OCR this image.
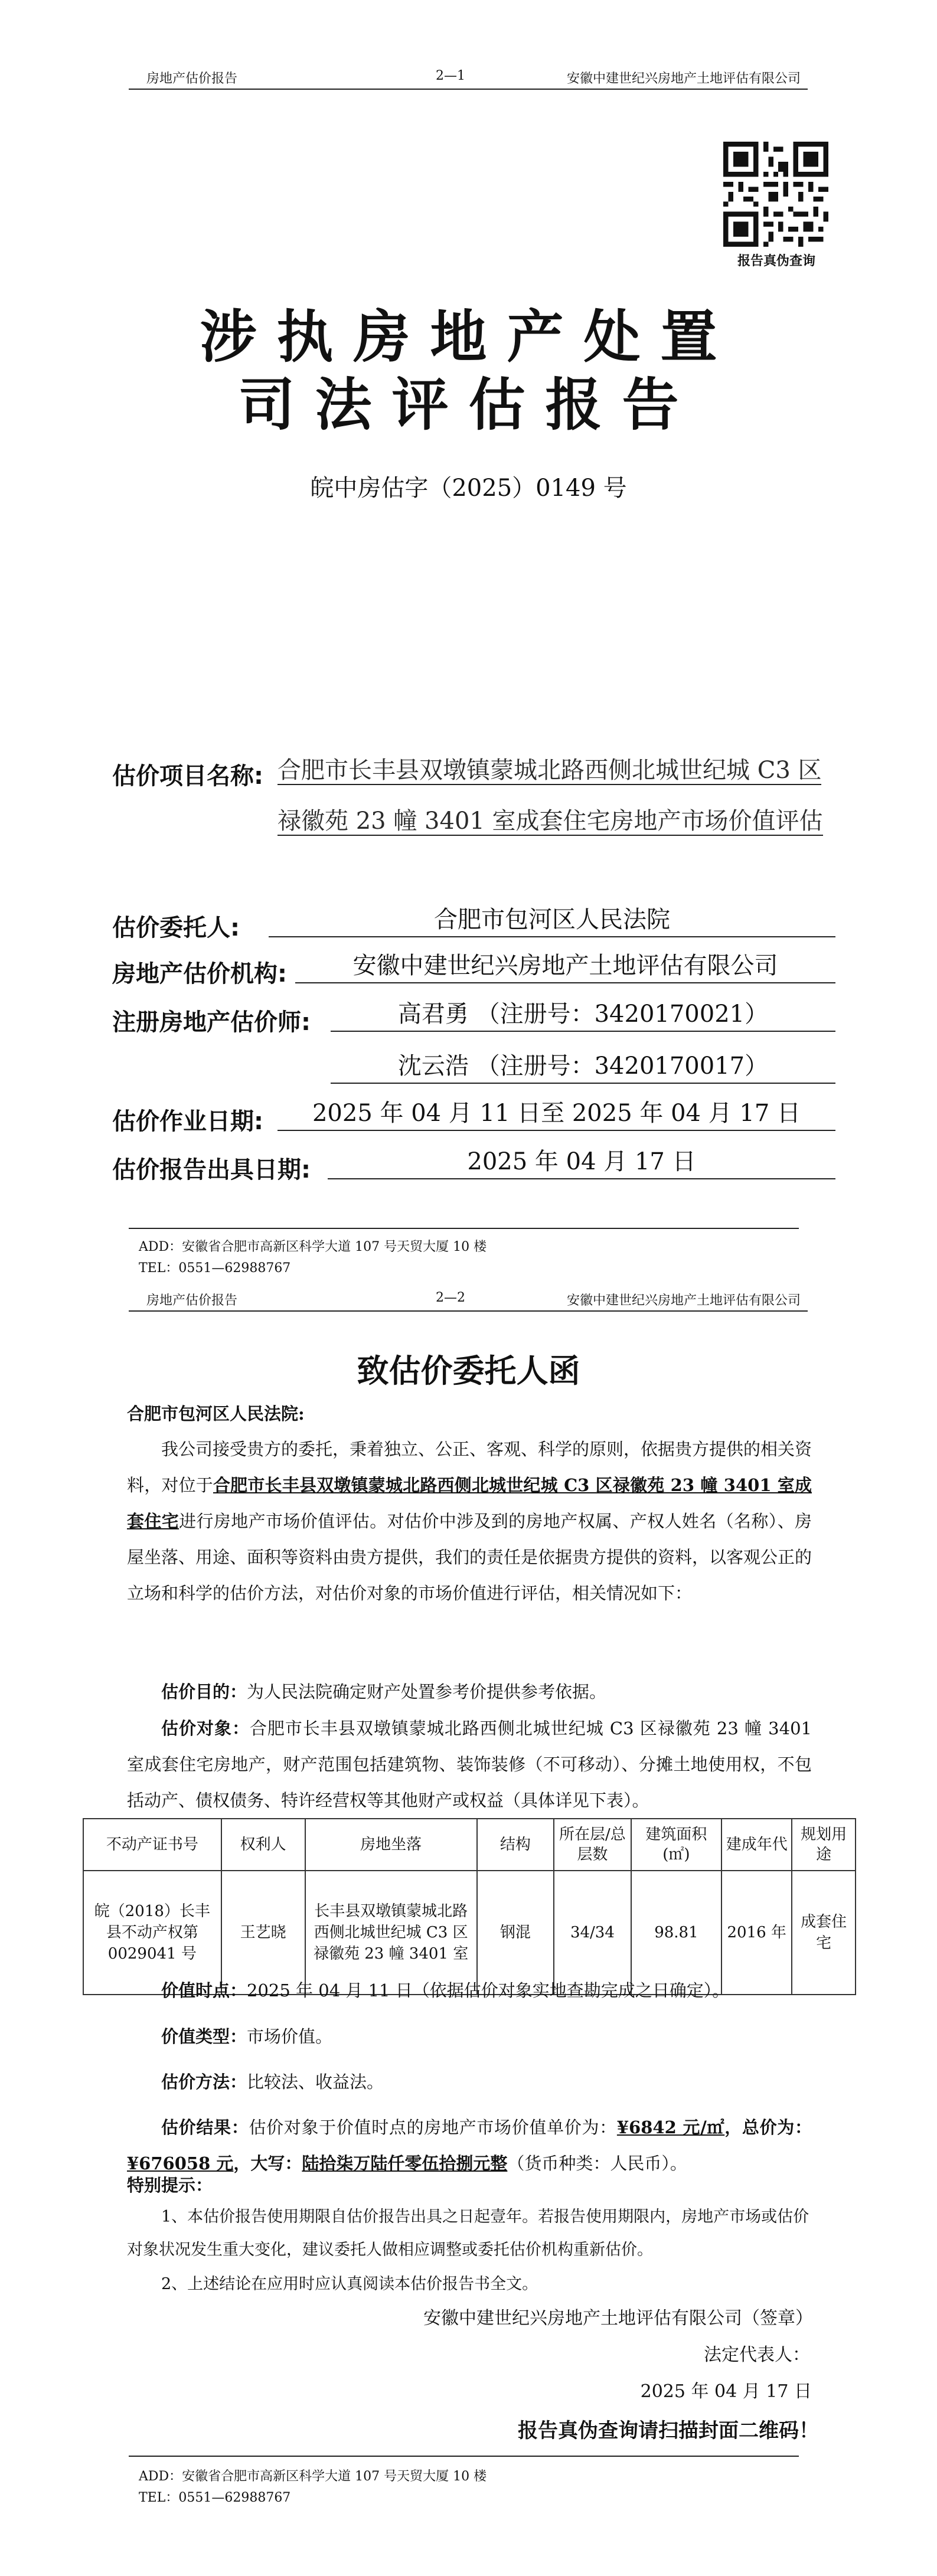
房地产估价报告	2—1	安徽中建世纪兴房地产土地评估有限公司
报告真伪查询
涉执房地产处置
司法评估报告
皖中房估字（2025）0149 号
估价项目名称: 合肥市长丰县双墩镇蒙城北路西侧北城世纪城 C3 区禄徽苑 23 幢 3401 室成套住宅房地产市场价值评估
估价委托人:	合肥市包河区人民法院
房地产估价机构:	安徽中建世纪兴房地产土地评估有限公司
注册房地产估价师:	高君勇 （注册号：3420170021）
沈云浩 （注册号：3420170017）
估价作业日期:	2025 年 04 月 11 日至 2025 年 04 月 17 日
估价报告出具日期:	2025 年 04 月 17 日
ADD：安徽省合肥市高新区科学大道 107 号天贸大厦 10 楼
TEL：0551—62988767
房地产估价报告	2—2	安徽中建世纪兴房地产土地评估有限公司
致估价委托人函
合肥市包河区人民法院:
我公司接受贵方的委托，秉着独立、公正、客观、科学的原则，依据贵方提供的相关资料，对位于合肥市长丰县双墩镇蒙城北路西侧北城世纪城 C3 区禄徽苑 23 幢 3401 室成套住宅进行房地产市场价值评估。对估价中涉及到的房地产权属、产权人姓名（名称）、房屋坐落、用途、面积等资料由贵方提供，我们的责任是依据贵方提供的资料，以客观公正的立场和科学的估价方法，对估价对象的市场价值进行评估，相关情况如下：
估价目的：为人民法院确定财产处置参考价提供参考依据。
估价对象：合肥市长丰县双墩镇蒙城北路西侧北城世纪城 C3 区禄徽苑 23 幢 3401 室成套住宅房地产，财产范围包括建筑物、装饰装修（不可移动）、分摊土地使用权，不包括动产、债权债务、特许经营权等其他财产或权益（具体详见下表）。
不动产证书号	权利人	房地坐落	结构	所在层/总层数	建筑面积(㎡)	建成年代	规划用途
皖（2018）长丰县不动产权第 0029041 号	王艺晓	长丰县双墩镇蒙城北路西侧北城世纪城 C3 区禄徽苑 23 幢 3401 室	钢混	34/34	98.81	2016 年	成套住宅
价值时点：2025 年 04 月 11 日（依据估价对象实地查勘完成之日确定）。
价值类型：市场价值。
估价方法：比较法、收益法。
估价结果：估价对象于价值时点的房地产市场价值单价为：¥6842 元/㎡，总价为：¥676058 元，大写：陆拾柒万陆仟零伍拾捌元整（货币种类：人民币）。
特别提示：
1、本估价报告使用期限自估价报告出具之日起壹年。若报告使用期限内，房地产市场或估价对象状况发生重大变化，建议委托人做相应调整或委托估价机构重新估价。
2、上述结论在应用时应认真阅读本估价报告书全文。
安徽中建世纪兴房地产土地评估有限公司（签章）
法定代表人：
2025 年 04 月 17 日
报告真伪查询请扫描封面二维码！
ADD：安徽省合肥市高新区科学大道 107 号天贸大厦 10 楼
TEL：0551—62988767
